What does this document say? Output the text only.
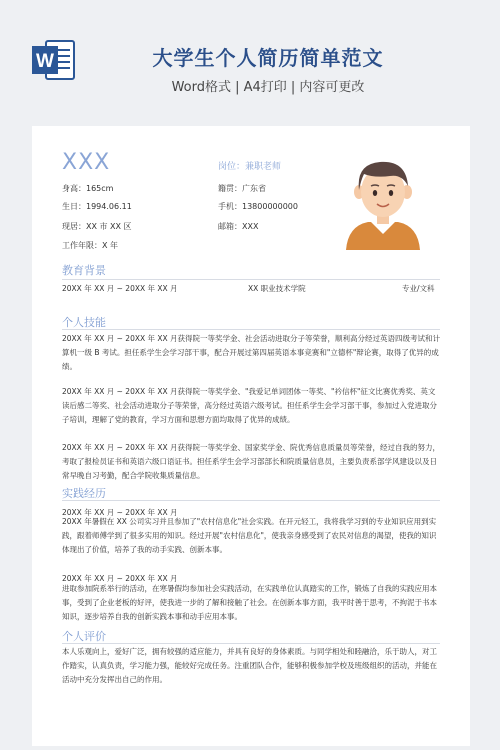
W	大学生个人简历简单范文
Word格式 | A4打印 | 内容可更改
XXX	岗位：兼职老师
身高：165cm	籍贯：广东省
生日：1994.06.11	手机：13800000000
现居：XX 市 XX 区	邮箱：XXX
工作年限：X 年
教育背景
20XX 年 XX 月 ~ 20XX 年 XX 月	XX 职业技术学院	专业/文科
个人技能

20XX 年 XX 月 ~ 20XX 年 XX 月获得院一等奖学金、社会活动进取分子等荣誉，顺利高分经过英语四级考试和计算机一级 B 考试。担任系学生会学习部干事，配合开展过第四届英语本事竞赛和"立德杯"辩论赛，取得了优异的成绩。

20XX 年 XX 月 ~ 20XX 年 XX 月获得院一等奖学金、"我爱记单词团体一等奖、"衿信杯"征文比赛优秀奖、英文读后感二等奖、社会活动进取分子等荣誉，高分经过英语六级考试。担任系学生会学习部干事，参加过入党进取分子培训，理解了党的教育，学习方面和思想方面均取得了优异的成绩。

20XX 年 XX 月 ~ 20XX 年 XX 月获得院一等奖学金、国家奖学金、院优秀信息质量员等荣誉，经过自我的努力，考取了报检员证书和英语六级口语证书。担任系学生会学习部部长和院质量信息员，主要负责系部学风建设以及日常早晚自习考勤，配合学院收集质量信息。

实践经历
20XX 年 XX 月 ~ 20XX 年 XX 月

20XX 年暑假在 XX 公司实习并且参加了"农村信息化"社会实践。在开元轻工，我将我学习到的专业知识应用到实践，跟着师傅学到了很多实用的知识。经过开展"农村信息化"，使我亲身感受到了农民对信息的渴望，使我的知识体现出了价值，培养了我的动手实践、创新本事。

20XX 年 XX 月 ~ 20XX 年 XX 月

进取参加院系举行的活动，在寒暑假均参加社会实践活动，在实践单位认真踏实的工作，锻炼了自我的实践应用本事，受到了企业老板的好评，使我进一步的了解和接触了社会。在创新本事方面，我平时善于思考，不拘泥于书本知识，逐步培养自我的创新实践本事和动手应用本事。

个人评价

本人乐观向上，爱好广泛，拥有较强的适应能力，并具有良好的身体素质。与同学相处和睦融洽，乐于助人，对工作踏实，认真负责，学习能力强，能较好完成任务。注重团队合作，能够积极参加学校及班级组织的活动，并能在活动中充分发挥出自己的作用。
